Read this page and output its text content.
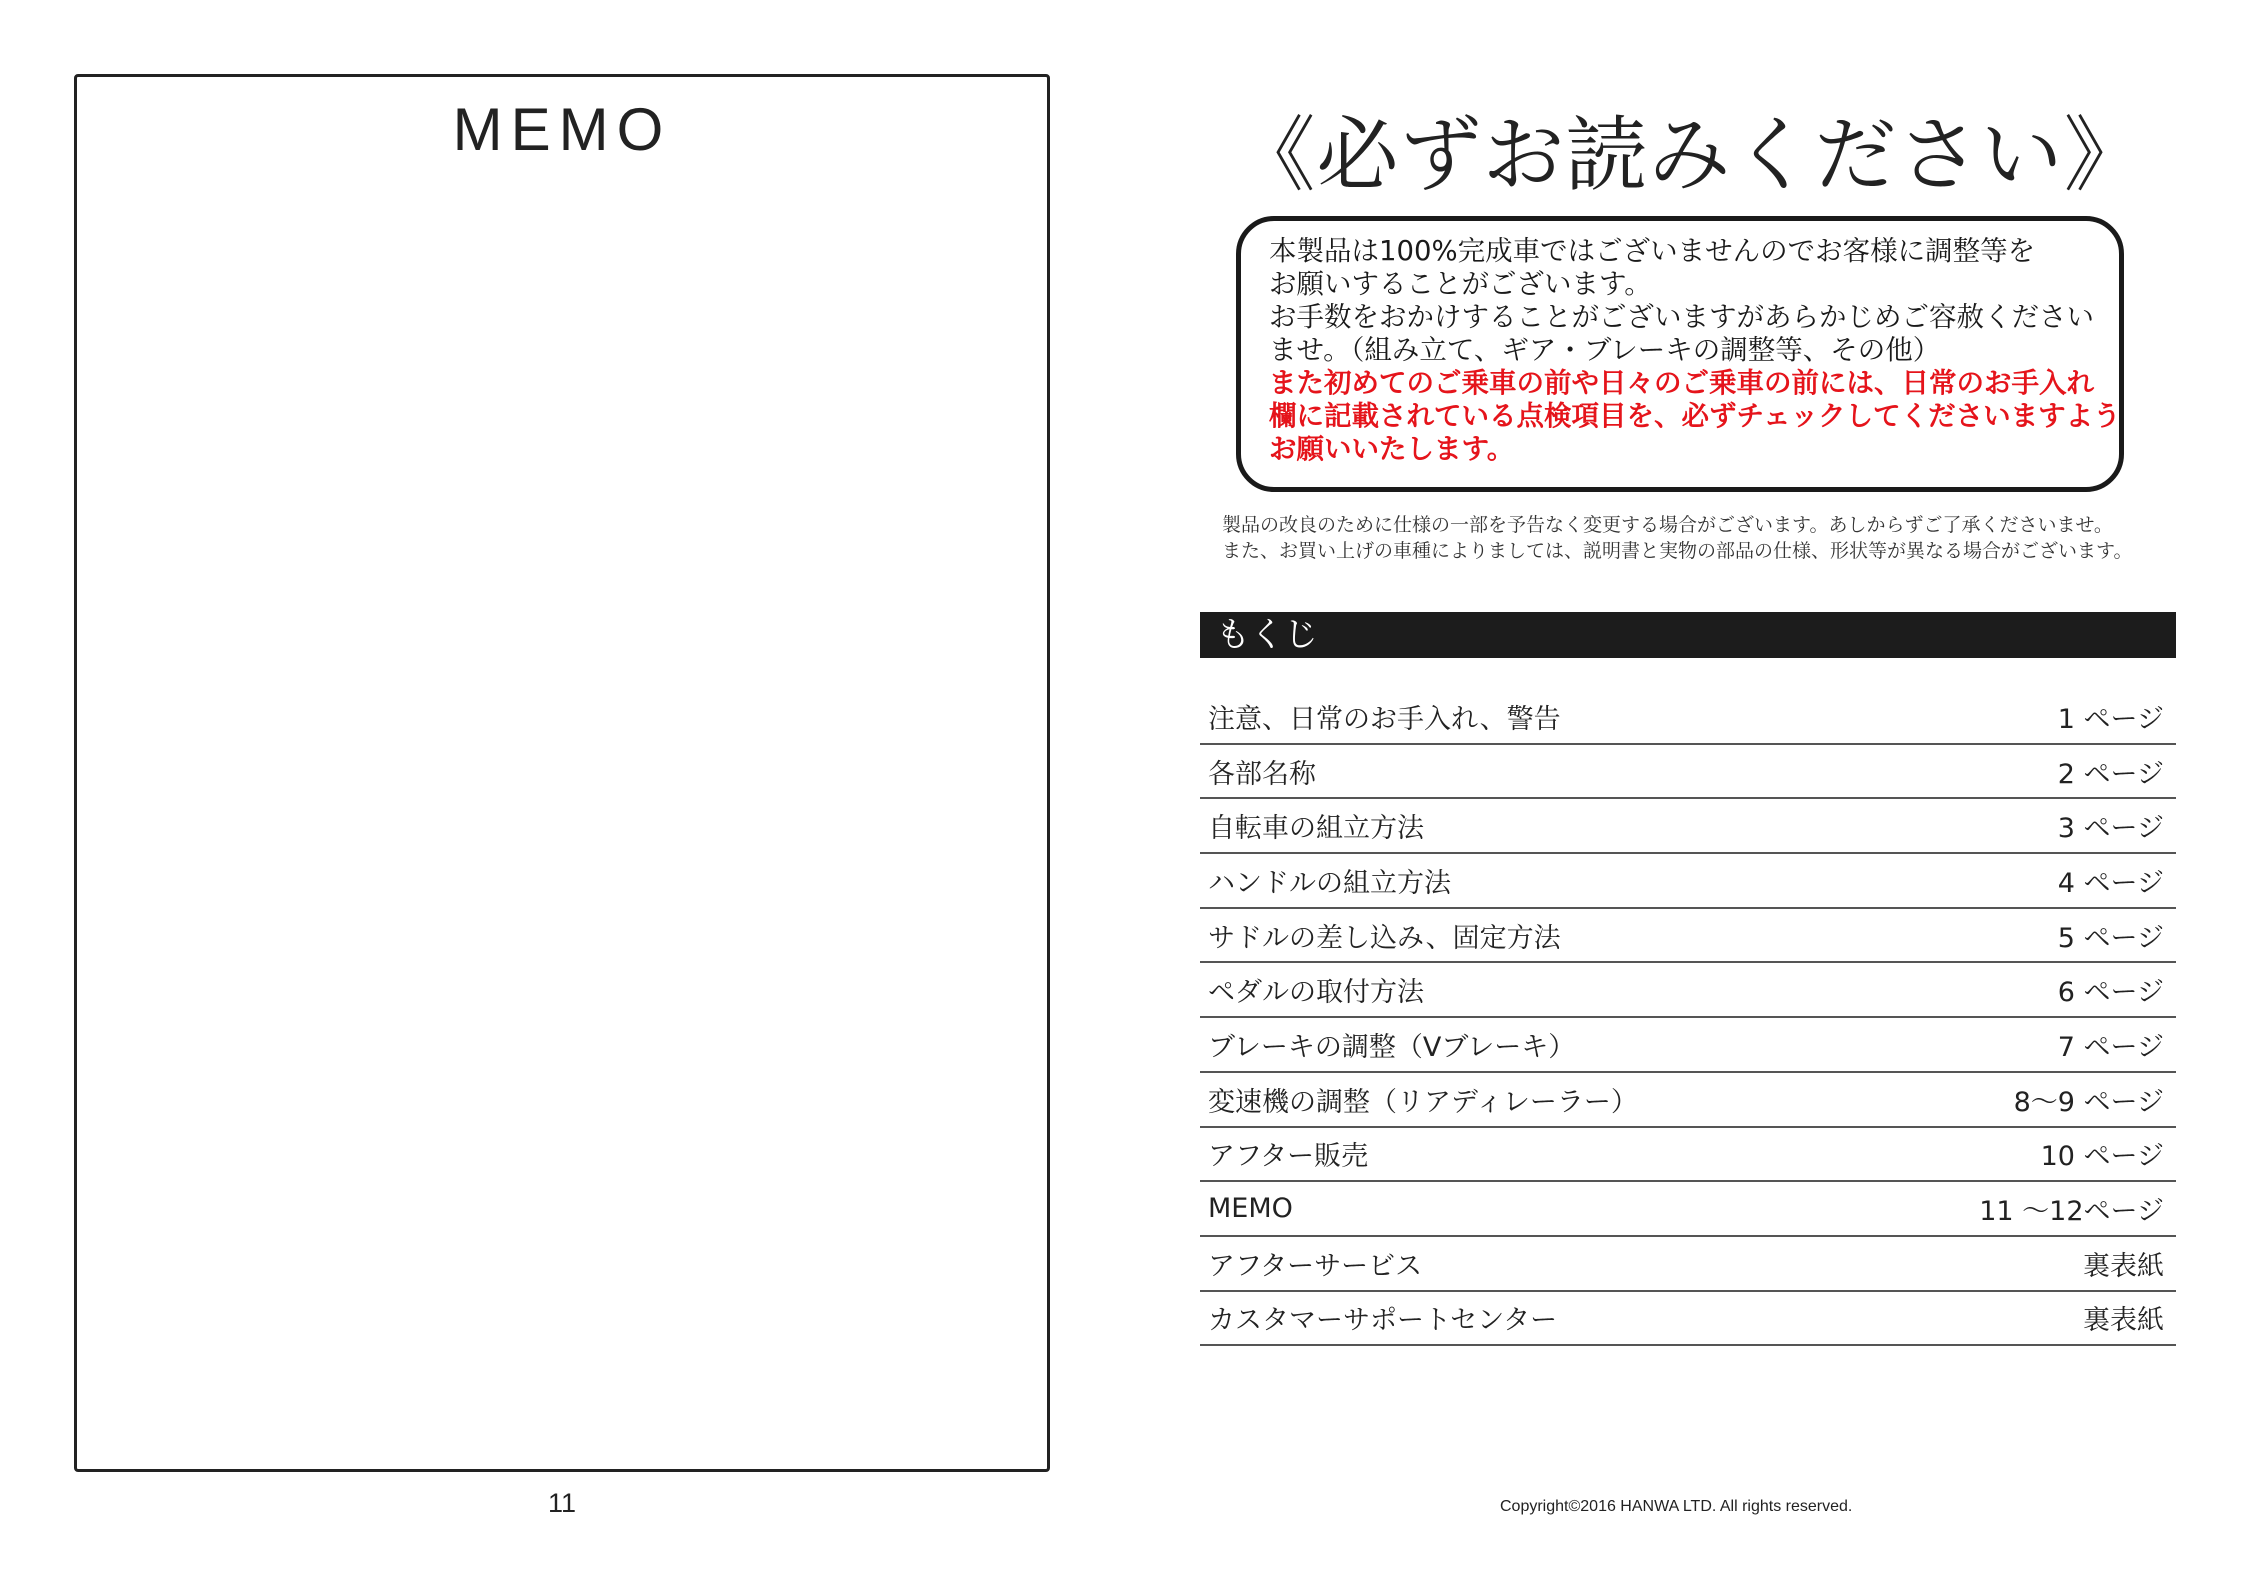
MEMO
11
《必ずお読みください》
本製品は100%完成車ではございませんのでお客様に調整等を
お願いすることがございます。
お手数をおかけすることがございますがあらかじめご容赦ください
ませ。（組み立て、ギア・ブレーキの調整等、その他）
また初めてのご乗車の前や日々のご乗車の前には、日常のお手入れ
欄に記載されている点検項目を、必ずチェックしてくださいますよう
お願いいたします。
製品の改良のために仕様の一部を予告なく変更する場合がございます。あしからずご了承くださいませ。
また、お買い上げの車種によりましては、説明書と実物の部品の仕様、形状等が異なる場合がございます。
もくじ
注意、日常のお手入れ、警告	1 ページ
各部名称	2 ページ
自転車の組立方法	3 ページ
ハンドルの組立方法	4 ページ
サドルの差し込み、固定方法	5 ページ
ペダルの取付方法	6 ページ
ブレーキの調整（Vブレーキ）	7 ページ
変速機の調整（リアディレーラー）	8～9 ページ
アフター販売	10 ページ
MEMO	11 ～12ページ
アフターサービス	裏表紙
カスタマーサポートセンター	裏表紙
Copyright©2016 HANWA LTD. All rights reserved.
